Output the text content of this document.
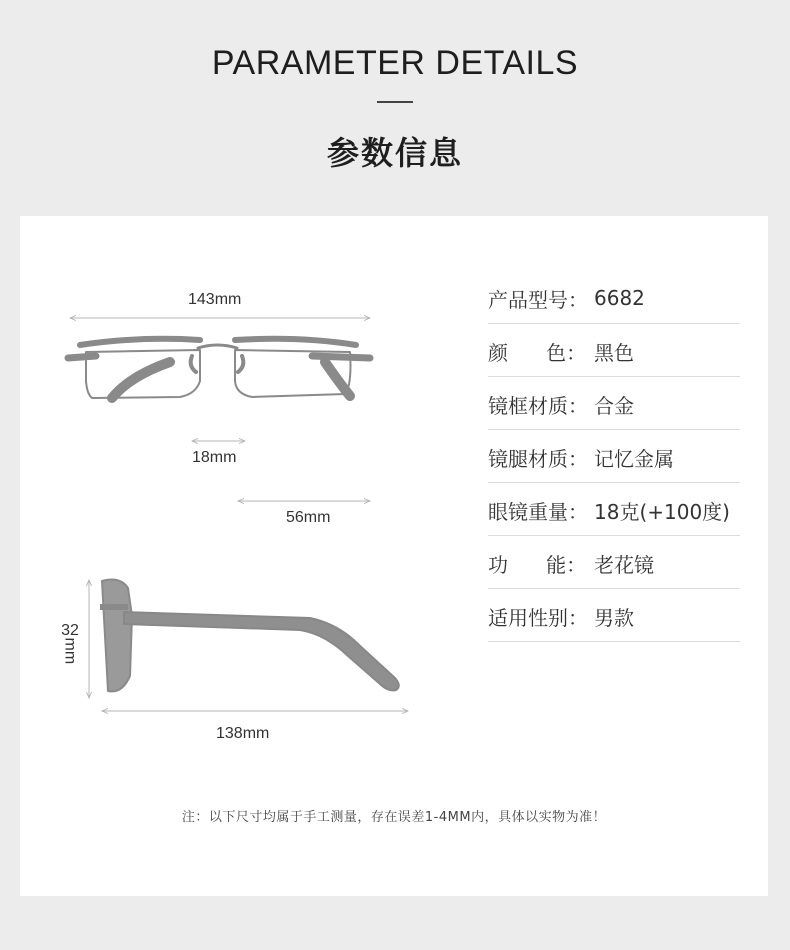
PARAMETER DETAILS
参数信息
143mm
18mm
56mm
32
mm
138mm
产品型号： 6682
颜      色： 黑色
镜框材质： 合金
镜腿材质： 记忆金属
眼镜重量： 18克(+100度)
功      能： 老花镜
适用性别： 男款
注：以下尺寸均属于手工测量，存在误差1-4MM内，具体以实物为准！
